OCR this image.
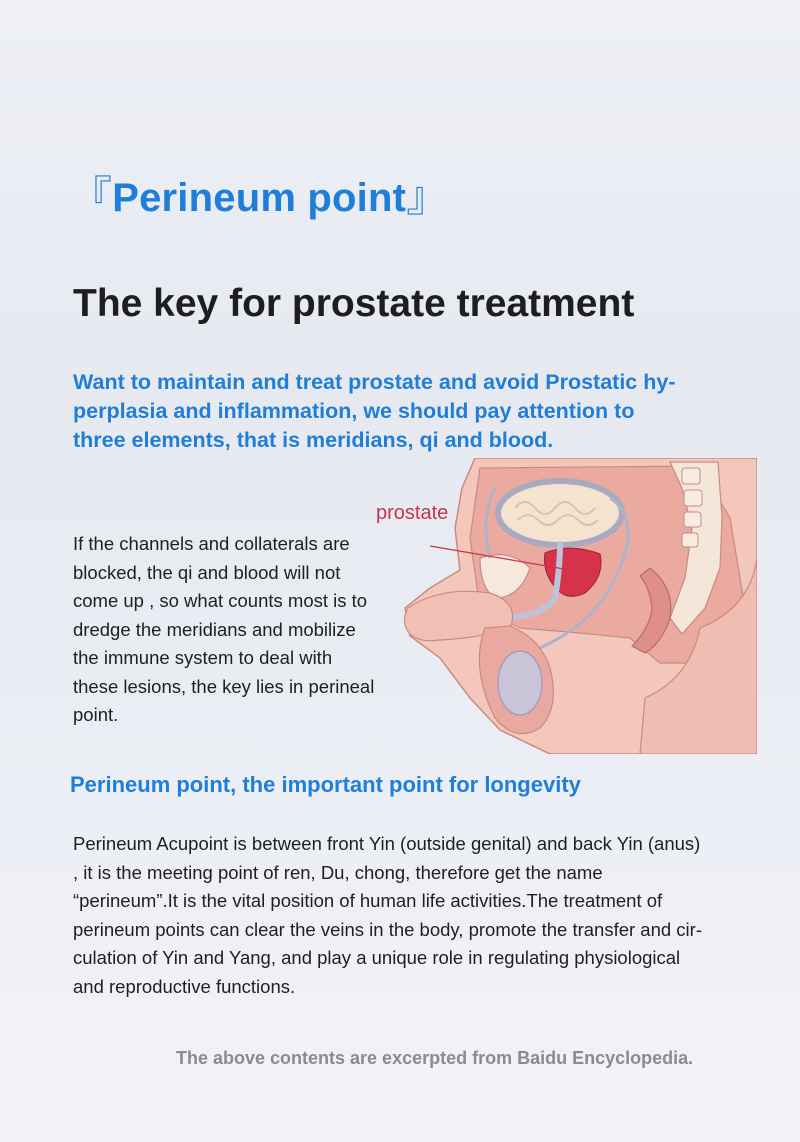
『Perineum point』
The key for prostate treatment
Want to maintain and treat prostate and avoid Prostatic hy-
perplasia and inflammation, we should pay attention to
three elements, that is meridians, qi and blood.
prostate
If the channels and collaterals are
blocked, the qi and blood will not
come up , so what counts most is to
dredge the meridians and mobilize
the immune system to deal with
these lesions, the key lies in perineal
point.
Perineum point, the important point for longevity
Perineum Acupoint is between front Yin (outside genital) and back Yin (anus)
, it is the meeting point of ren, Du, chong, therefore get the name
“perineum”.It is the vital position of human life activities.The treatment of
perineum points can clear the veins in the body, promote the transfer and cir-
culation of Yin and Yang, and play a unique role in regulating physiological
and reproductive functions.
The above contents are excerpted from Baidu Encyclopedia.
